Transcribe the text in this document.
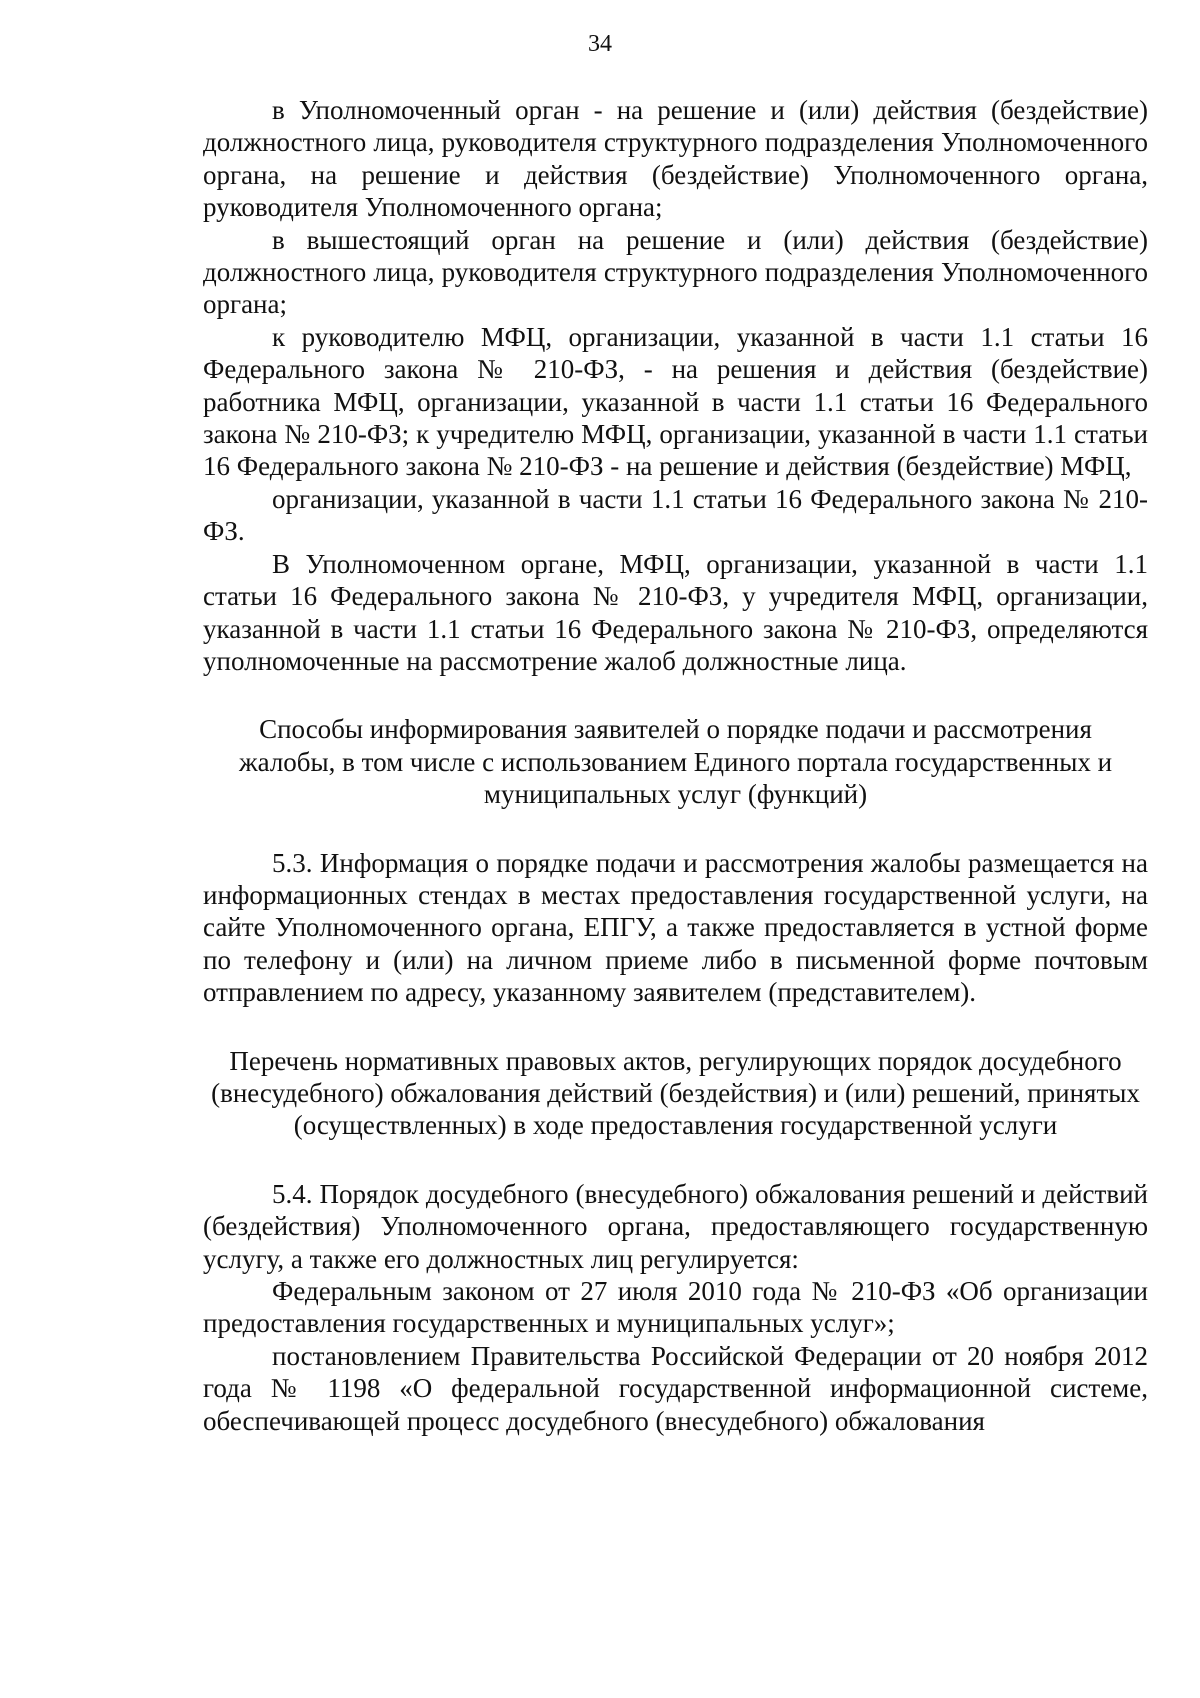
34

в Уполномоченный орган - на решение и (или) действия (бездействие) должностного лица, руководителя структурного подразделения Уполномоченного органа, на решение и действия (бездействие) Уполномоченного органа, руководителя Уполномоченного органа;

в вышестоящий орган на решение и (или) действия (бездействие) должностного лица, руководителя структурного подразделения Уполномоченного органа;

к руководителю МФЦ, организации, указанной в части 1.1 статьи 16 Федерального закона № 210-ФЗ, - на решения и действия (бездействие) работника МФЦ, организации, указанной в части 1.1 статьи 16 Федерального закона № 210-ФЗ; к учредителю МФЦ, организации, указанной в части 1.1 статьи 16 Федерального закона № 210-ФЗ - на решение и действия (бездействие) МФЦ,

организации, указанной в части 1.1 статьи 16 Федерального закона № 210-ФЗ.

В Уполномоченном органе, МФЦ, организации, указанной в части 1.1 статьи 16 Федерального закона № 210-ФЗ, у учредителя МФЦ, организации, указанной в части 1.1 статьи 16 Федерального закона № 210-ФЗ, определяются уполномоченные на рассмотрение жалоб должностные лица.

Способы информирования заявителей о порядке подачи и рассмотрения жалобы, в том числе с использованием Единого портала государственных и муниципальных услуг (функций)

5.3. Информация о порядке подачи и рассмотрения жалобы размещается на информационных стендах в местах предоставления государственной услуги, на сайте Уполномоченного органа, ЕПГУ, а также предоставляется в устной форме по телефону и (или) на личном приеме либо в письменной форме почтовым отправлением по адресу, указанному заявителем (представителем).

Перечень нормативных правовых актов, регулирующих порядок досудебного (внесудебного) обжалования действий (бездействия) и (или) решений, принятых (осуществленных) в ходе предоставления государственной услуги

5.4. Порядок досудебного (внесудебного) обжалования решений и действий (бездействия) Уполномоченного органа, предоставляющего государственную услугу, а также его должностных лиц регулируется:

Федеральным законом от 27 июля 2010 года № 210-ФЗ «Об организации предоставления государственных и муниципальных услуг»;

постановлением Правительства Российской Федерации от 20 ноября 2012 года № 1198 «О федеральной государственной информационной системе, обеспечивающей процесс досудебного (внесудебного) обжалования
